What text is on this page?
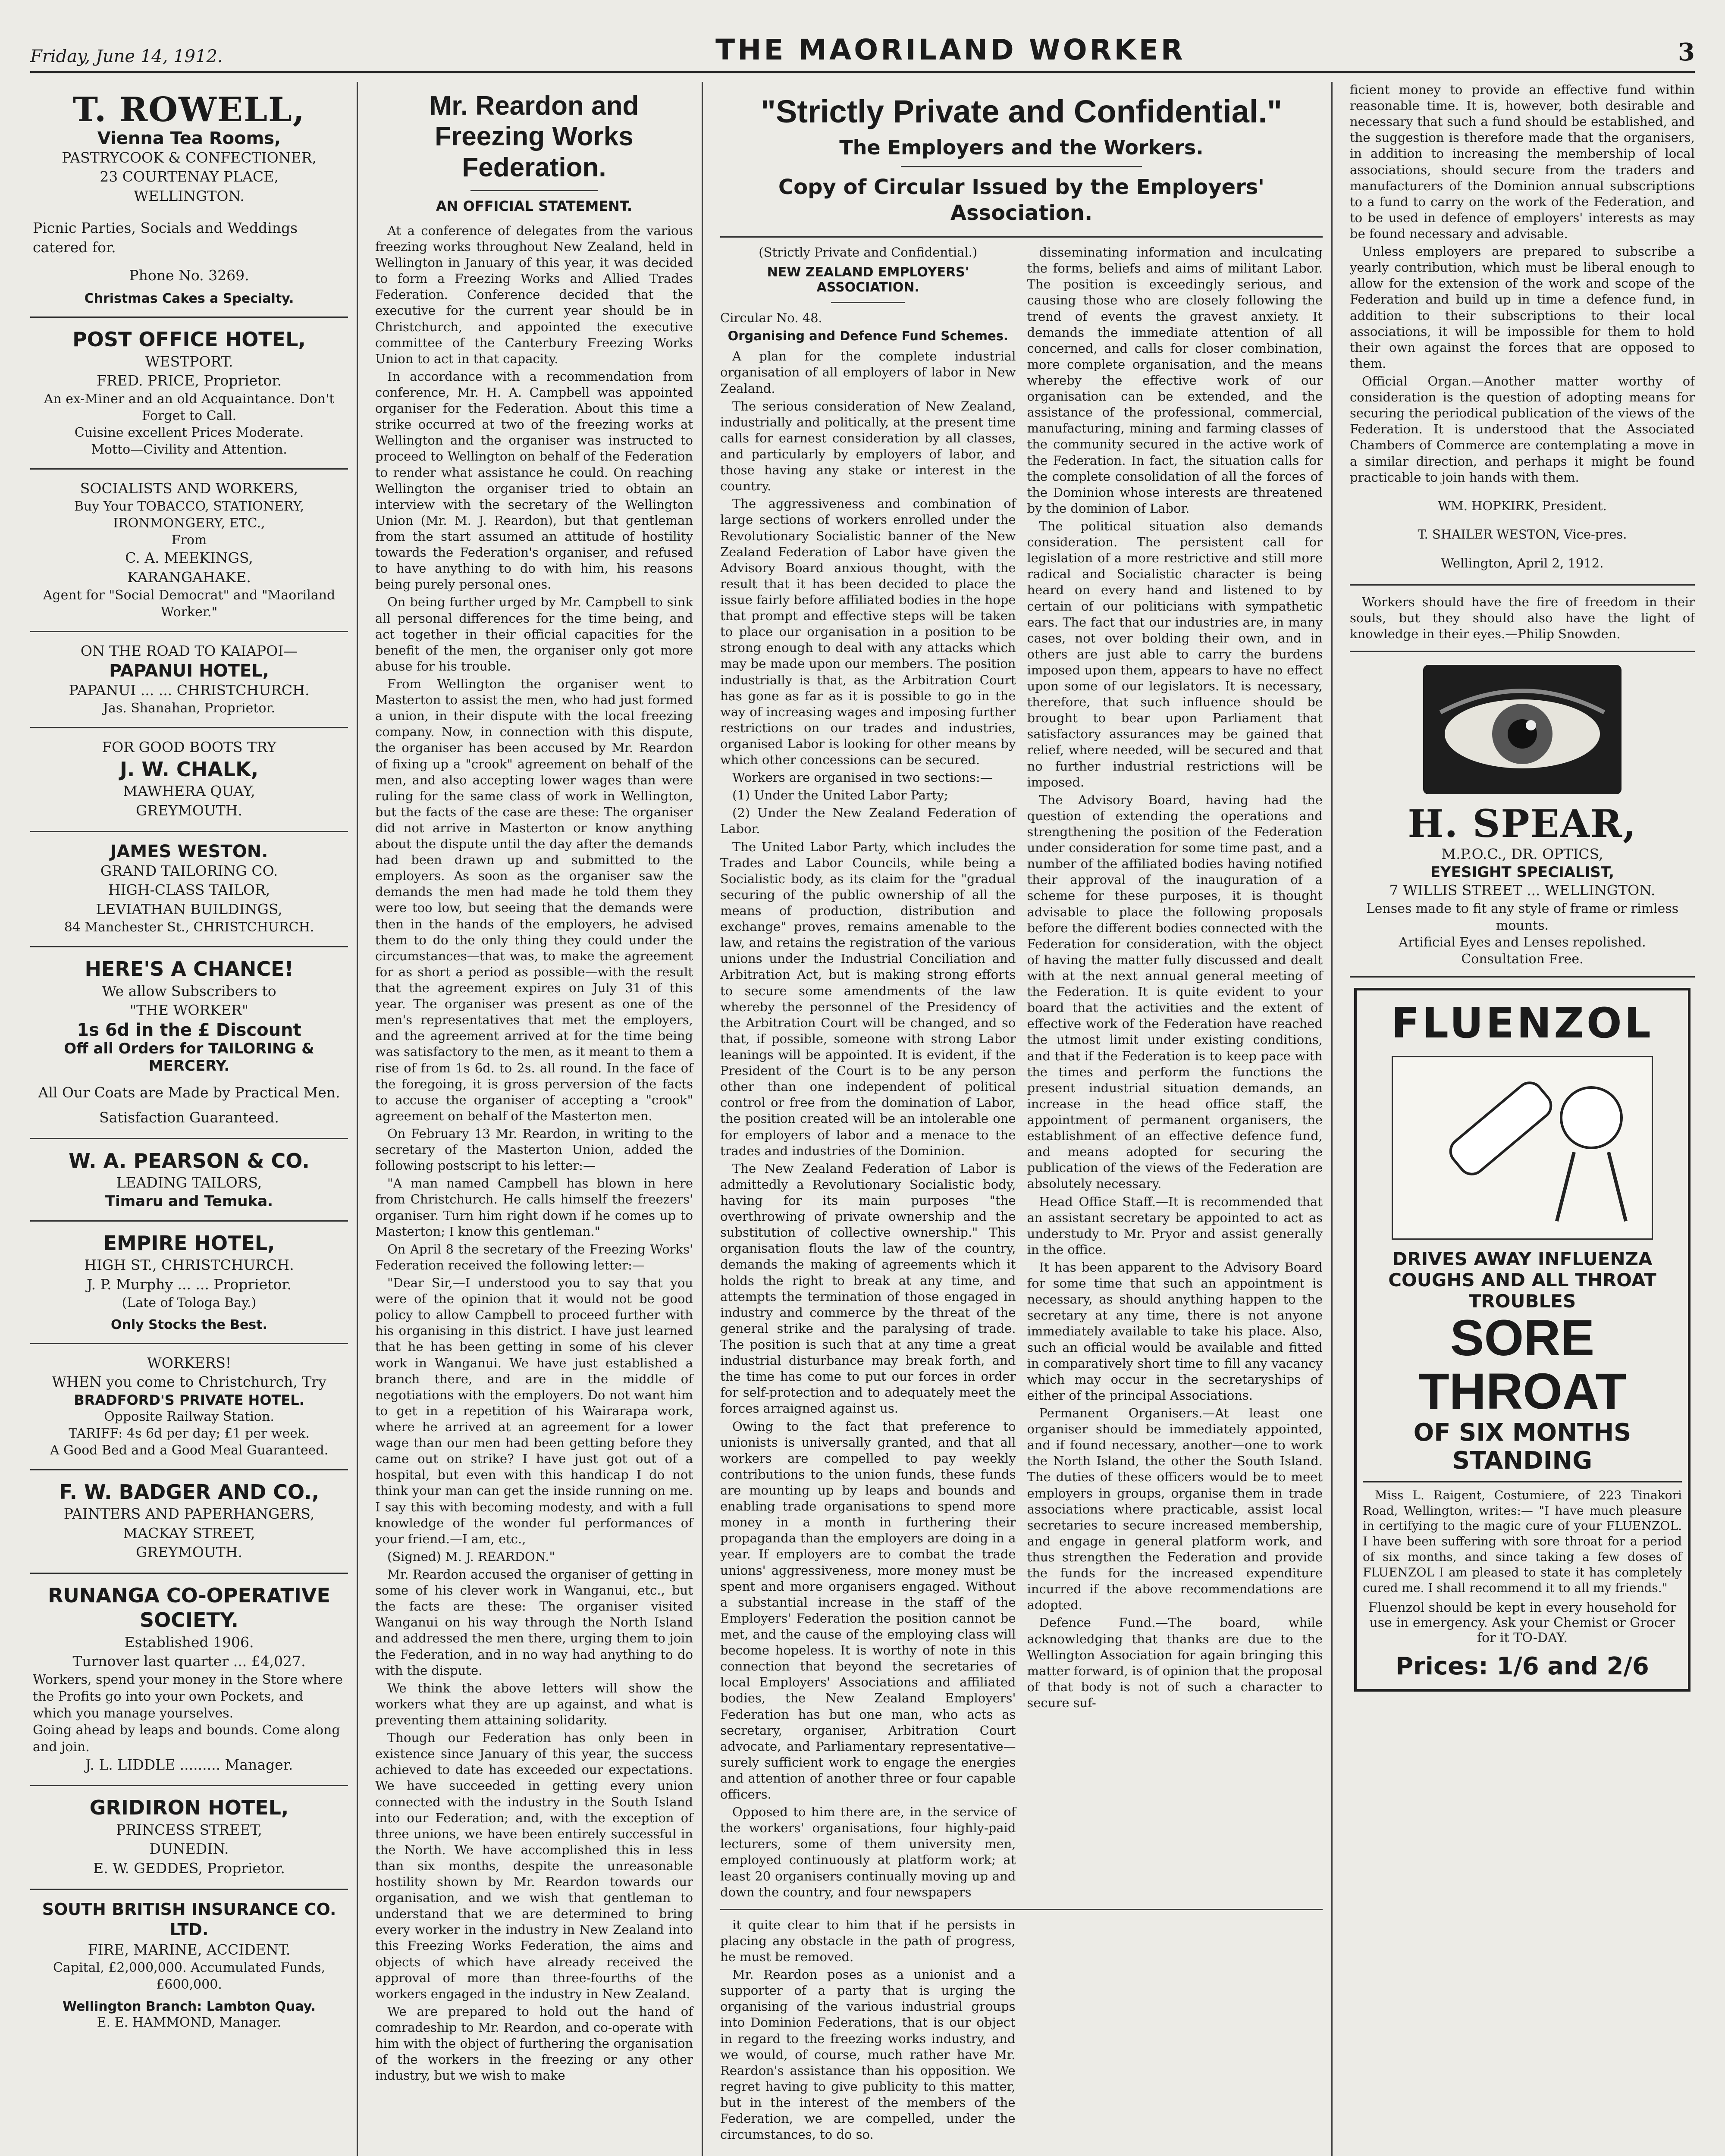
Friday, June 14, 1912.	THE MAORILAND WORKER	3
T. ROWELL,
Vienna Tea Rooms,
PASTRYCOOK & CONFECTIONER,
23 COURTENAY PLACE,
WELLINGTON.
Picnic Parties, Socials and Weddings catered for.
Phone No. 3269.
Christmas Cakes a Specialty.
POST OFFICE HOTEL,
WESTPORT.
FRED. PRICE, Proprietor.
An ex-Miner and an old Acquaintance. Don't Forget to Call.
Cuisine excellent Prices Moderate.
Motto—Civility and Attention.
SOCIALISTS AND WORKERS,
Buy Your TOBACCO, STATIONERY, IRONMONGERY, ETC.,
From
C. A. MEEKINGS,
KARANGAHAKE.
Agent for "Social Democrat" and "Maoriland Worker."
ON THE ROAD TO KAIAPOI—
PAPANUI HOTEL,
PAPANUI ... ... CHRISTCHURCH.
Jas. Shanahan, Proprietor.
FOR GOOD BOOTS TRY
J. W. CHALK,
MAWHERA QUAY,
GREYMOUTH.
JAMES WESTON.
GRAND TAILORING CO.
HIGH-CLASS TAILOR,
LEVIATHAN BUILDINGS,
84 Manchester St., CHRISTCHURCH.
HERE'S A CHANCE!
We allow Subscribers to
"THE WORKER"
1s 6d in the £ Discount
Off all Orders for TAILORING & MERCERY.
All Our Coats are Made by Practical Men.
Satisfaction Guaranteed.
W. A. PEARSON & CO.
LEADING TAILORS,
Timaru and Temuka.
EMPIRE HOTEL,
HIGH ST., CHRISTCHURCH.
J. P. Murphy ... ... Proprietor.
(Late of Tologa Bay.)
Only Stocks the Best.
WORKERS!
WHEN you come to Christchurch, Try
BRADFORD'S PRIVATE HOTEL.
Opposite Railway Station.
TARIFF: 4s 6d per day; £1 per week.
A Good Bed and a Good Meal Guaranteed.
F. W. BADGER AND CO.,
PAINTERS AND PAPERHANGERS,
MACKAY STREET,
GREYMOUTH.
RUNANGA CO-OPERATIVE SOCIETY.
Established 1906.
Turnover last quarter ... £4,027.
Workers, spend your money in the Store where the Profits go into your own Pockets, and which you manage yourselves.
Going ahead by leaps and bounds. Come along and join.
J. L. LIDDLE ......... Manager.
GRIDIRON HOTEL,
PRINCESS STREET,
DUNEDIN.
E. W. GEDDES, Proprietor.
SOUTH BRITISH INSURANCE CO. LTD.
FIRE, MARINE, ACCIDENT.
Capital, £2,000,000. Accumulated Funds, £600,000.
Wellington Branch: Lambton Quay.
E. E. HAMMOND, Manager.
Mr. Reardon and Freezing Works Federation.
AN OFFICIAL STATEMENT.

At a conference of delegates from the various freezing works throughout New Zealand, held in Wellington in January of this year, it was decided to form a Freezing Works and Allied Trades Federation. Conference decided that the executive for the current year should be in Christchurch, and appointed the executive committee of the Canterbury Freezing Works Union to act in that capacity.

In accordance with a recommendation from conference, Mr. H. A. Campbell was appointed organiser for the Federation. About this time a strike occurred at two of the freezing works at Wellington and the organiser was instructed to proceed to Wellington on behalf of the Federation to render what assistance he could. On reaching Wellington the organiser tried to obtain an interview with the secretary of the Wellington Union (Mr. M. J. Reardon), but that gentleman from the start assumed an attitude of hostility towards the Federation's organiser, and refused to have anything to do with him, his reasons being purely personal ones.

On being further urged by Mr. Campbell to sink all personal differences for the time being, and act together in their official capacities for the benefit of the men, the organiser only got more abuse for his trouble.

From Wellington the organiser went to Masterton to assist the men, who had just formed a union, in their dispute with the local freezing company. Now, in connection with this dispute, the organiser has been accused by Mr. Reardon of fixing up a "crook" agreement on behalf of the men, and also accepting lower wages than were ruling for the same class of work in Wellington, but the facts of the case are these: The organiser did not arrive in Masterton or know anything about the dispute until the day after the demands had been drawn up and submitted to the employers. As soon as the organiser saw the demands the men had made he told them they were too low, but seeing that the demands were then in the hands of the employers, he advised them to do the only thing they could under the circumstances—that was, to make the agreement for as short a period as possible—with the result that the agreement expires on July 31 of this year. The organiser was present as one of the men's representatives that met the employers, and the agreement arrived at for the time being was satisfactory to the men, as it meant to them a rise of from 1s 6d. to 2s. all round. In the face of the foregoing, it is gross perversion of the facts to accuse the organiser of accepting a "crook" agreement on behalf of the Masterton men.

On February 13 Mr. Reardon, in writing to the secretary of the Masterton Union, added the following postscript to his letter:—

"A man named Campbell has blown in here from Christchurch. He calls himself the freezers' organiser. Turn him right down if he comes up to Masterton; I know this gentleman."

On April 8 the secretary of the Freezing Works' Federation received the following letter:—

"Dear Sir,—I understood you to say that you were of the opinion that it would not be good policy to allow Campbell to proceed further with his organising in this district. I have just learned that he has been getting in some of his clever work in Wanganui. We have just established a branch there, and are in the middle of negotiations with the employers. Do not want him to get in a repetition of his Wairarapa work, where he arrived at an agreement for a lower wage than our men had been getting before they came out on strike? I have just got out of a hospital, but even with this handicap I do not think your man can get the inside running on me. I say this with becoming modesty, and with a full knowledge of the wonder ful performances of your friend.—I am, etc.,

(Signed) M. J. REARDON."

Mr. Reardon accused the organiser of getting in some of his clever work in Wanganui, etc., but the facts are these: The organiser visited Wanganui on his way through the North Island and addressed the men there, urging them to join the Federation, and in no way had anything to do with the dispute.

We think the above letters will show the workers what they are up against, and what is preventing them attaining solidarity.

Though our Federation has only been in existence since January of this year, the success achieved to date has exceeded our expectations. We have succeeded in getting every union connected with the industry in the South Island into our Federation; and, with the exception of three unions, we have been entirely successful in the North. We have accomplished this in less than six months, despite the unreasonable hostility shown by Mr. Reardon towards our organisation, and we wish that gentleman to understand that we are determined to bring every worker in the industry in New Zealand into this Freezing Works Federation, the aims and objects of which have already received the approval of more than three-fourths of the workers engaged in the industry in New Zealand.

We are prepared to hold out the hand of comradeship to Mr. Reardon, and co-operate with him with the object of furthering the organisation of the workers in the freezing or any other industry, but we wish to make

"Strictly Private and Confidential."
The Employers and the Workers.
Copy of Circular Issued by the Employers' Association.

(Strictly Private and Confidential.)

NEW ZEALAND EMPLOYERS' ASSOCIATION.

Circular No. 48.

Organising and Defence Fund Schemes.

A plan for the complete industrial organisation of all employers of labor in New Zealand.

The serious consideration of New Zealand, industrially and politically, at the present time calls for earnest consideration by all classes, and particularly by employers of labor, and those having any stake or interest in the country.

The aggressiveness and combination of large sections of workers enrolled under the Revolutionary Socialistic banner of the New Zealand Federation of Labor have given the Advisory Board anxious thought, with the result that it has been decided to place the issue fairly before affiliated bodies in the hope that prompt and effective steps will be taken to place our organisation in a position to be strong enough to deal with any attacks which may be made upon our members. The position industrially is that, as the Arbitration Court has gone as far as it is possible to go in the way of increasing wages and imposing further restrictions on our trades and industries, organised Labor is looking for other means by which other concessions can be secured.

Workers are organised in two sections:—

(1) Under the United Labor Party;

(2) Under the New Zealand Federation of Labor.

The United Labor Party, which includes the Trades and Labor Councils, while being a Socialistic body, as its claim for the "gradual securing of the public ownership of all the means of production, distribution and exchange" proves, remains amenable to the law, and retains the registration of the various unions under the Industrial Conciliation and Arbitration Act, but is making strong efforts to secure some amendments of the law whereby the personnel of the Presidency of the Arbitration Court will be changed, and so that, if possible, someone with strong Labor leanings will be appointed. It is evident, if the President of the Court is to be any person other than one independent of political control or free from the domination of Labor, the position created will be an intolerable one for employers of labor and a menace to the trades and industries of the Dominion.

The New Zealand Federation of Labor is admittedly a Revolutionary Socialistic body, having for its main purposes "the overthrowing of private ownership and the substitution of collective ownership." This organisation flouts the law of the country, demands the making of agreements which it holds the right to break at any time, and attempts the termination of those engaged in industry and commerce by the threat of the general strike and the paralysing of trade. The position is such that at any time a great industrial disturbance may break forth, and the time has come to put our forces in order for self-protection and to adequately meet the forces arraigned against us.

Owing to the fact that preference to unionists is universally granted, and that all workers are compelled to pay weekly contributions to the union funds, these funds are mounting up by leaps and bounds and enabling trade organisations to spend more money in a month in furthering their propaganda than the employers are doing in a year. If employers are to combat the trade unions' aggressiveness, more money must be spent and more organisers engaged. Without a substantial increase in the staff of the Employers' Federation the position cannot be met, and the cause of the employing class will become hopeless. It is worthy of note in this connection that beyond the secretaries of local Employers' Associations and affiliated bodies, the New Zealand Employers' Federation has but one man, who acts as secretary, organiser, Arbitration Court advocate, and Parliamentary representative—surely sufficient work to engage the energies and attention of another three or four capable officers.

Opposed to him there are, in the service of the workers' organisations, four highly-paid lecturers, some of them university men, employed continuously at platform work; at least 20 organisers continually moving up and down the country, and four newspapers

disseminating information and inculcating the forms, beliefs and aims of militant Labor. The position is exceedingly serious, and causing those who are closely following the trend of events the gravest anxiety. It demands the immediate attention of all concerned, and calls for closer combination, more complete organisation, and the means whereby the effective work of our organisation can be extended, and the assistance of the professional, commercial, manufacturing, mining and farming classes of the community secured in the active work of the Federation. In fact, the situation calls for the complete consolidation of all the forces of the Dominion whose interests are threatened by the dominion of Labor.

The political situation also demands consideration. The persistent call for legislation of a more restrictive and still more radical and Socialistic character is being heard on every hand and listened to by certain of our politicians with sympathetic ears. The fact that our industries are, in many cases, not over bolding their own, and in others are just able to carry the burdens imposed upon them, appears to have no effect upon some of our legislators. It is necessary, therefore, that such influence should be brought to bear upon Parliament that satisfactory assurances may be gained that relief, where needed, will be secured and that no further industrial restrictions will be imposed.

The Advisory Board, having had the question of extending the operations and strengthening the position of the Federation under consideration for some time past, and a number of the affiliated bodies having notified their approval of the inauguration of a scheme for these purposes, it is thought advisable to place the following proposals before the different bodies connected with the Federation for consideration, with the object of having the matter fully discussed and dealt with at the next annual general meeting of the Federation. It is quite evident to your board that the activities and the extent of effective work of the Federation have reached the utmost limit under existing conditions, and that if the Federation is to keep pace with the times and perform the functions the present industrial situation demands, an increase in the head office staff, the appointment of permanent organisers, the establishment of an effective defence fund, and means adopted for securing the publication of the views of the Federation are absolutely necessary.

Head Office Staff.—It is recommended that an assistant secretary be appointed to act as understudy to Mr. Pryor and assist generally in the office.

It has been apparent to the Advisory Board for some time that such an appointment is necessary, as should anything happen to the secretary at any time, there is not anyone immediately available to take his place. Also, such an official would be available and fitted in comparatively short time to fill any vacancy which may occur in the secretaryships of either of the principal Associations.

Permanent Organisers.—At least one organiser should be immediately appointed, and if found necessary, another—one to work the North Island, the other the South Island. The duties of these officers would be to meet employers in groups, organise them in trade associations where practicable, assist local secretaries to secure increased membership, and engage in general platform work, and thus strengthen the Federation and provide the funds for the increased expenditure incurred if the above recommendations are adopted.

Defence Fund.—The board, while acknowledging that thanks are due to the Wellington Association for again bringing this matter forward, is of opinion that the proposal of that body is not of such a character to secure suf-

it quite clear to him that if he persists in placing any obstacle in the path of progress, he must be removed.

Mr. Reardon poses as a unionist and a supporter of a party that is urging the organising of the various industrial groups into Dominion Federations, that is our object in regard to the freezing works industry, and we would, of course, much rather have Mr. Reardon's assistance than his opposition. We regret having to give publicity to this matter, but in the interest of the members of the Federation, we are compelled, under the circumstances, to do so.

ficient money to provide an effective fund within reasonable time. It is, however, both desirable and necessary that such a fund should be established, and the suggestion is therefore made that the organisers, in addition to increasing the membership of local associations, should secure from the traders and manufacturers of the Dominion annual subscriptions to a fund to carry on the work of the Federation, and to be used in defence of employers' interests as may be found necessary and advisable.

Unless employers are prepared to subscribe a yearly contribution, which must be liberal enough to allow for the extension of the work and scope of the Federation and build up in time a defence fund, in addition to their subscriptions to their local associations, it will be impossible for them to hold their own against the forces that are opposed to them.

Official Organ.—Another matter worthy of consideration is the question of adopting means for securing the periodical publication of the views of the Federation. It is understood that the Associated Chambers of Commerce are contemplating a move in a similar direction, and perhaps it might be found practicable to join hands with them.

WM. HOPKIRK, President.

T. SHAILER WESTON, Vice-pres.

Wellington, April 2, 1912.

Workers should have the fire of freedom in their souls, but they should also have the light of knowledge in their eyes.—Philip Snowden.

H. SPEAR,
M.P.O.C., DR. OPTICS,
EYESIGHT SPECIALIST,
7 WILLIS STREET ... WELLINGTON.
Lenses made to fit any style of frame or rimless mounts.
Artificial Eyes and Lenses repolished.
Consultation Free.
FLUENZOL
DRIVES AWAY INFLUENZA COUGHS AND ALL THROAT TROUBLES
SORE THROAT
OF SIX MONTHS STANDING

Miss L. Raigent, Costumiere, of 223 Tinakori Road, Wellington, writes:— "I have much pleasure in certifying to the magic cure of your FLUENZOL. I have been suffering with sore throat for a period of six months, and since taking a few doses of FLUENZOL I am pleased to state it has completely cured me. I shall recommend it to all my friends."

Fluenzol should be kept in every household for use in emergency. Ask your Chemist or Grocer for it TO-DAY.
Prices: 1/6 and 2/6
